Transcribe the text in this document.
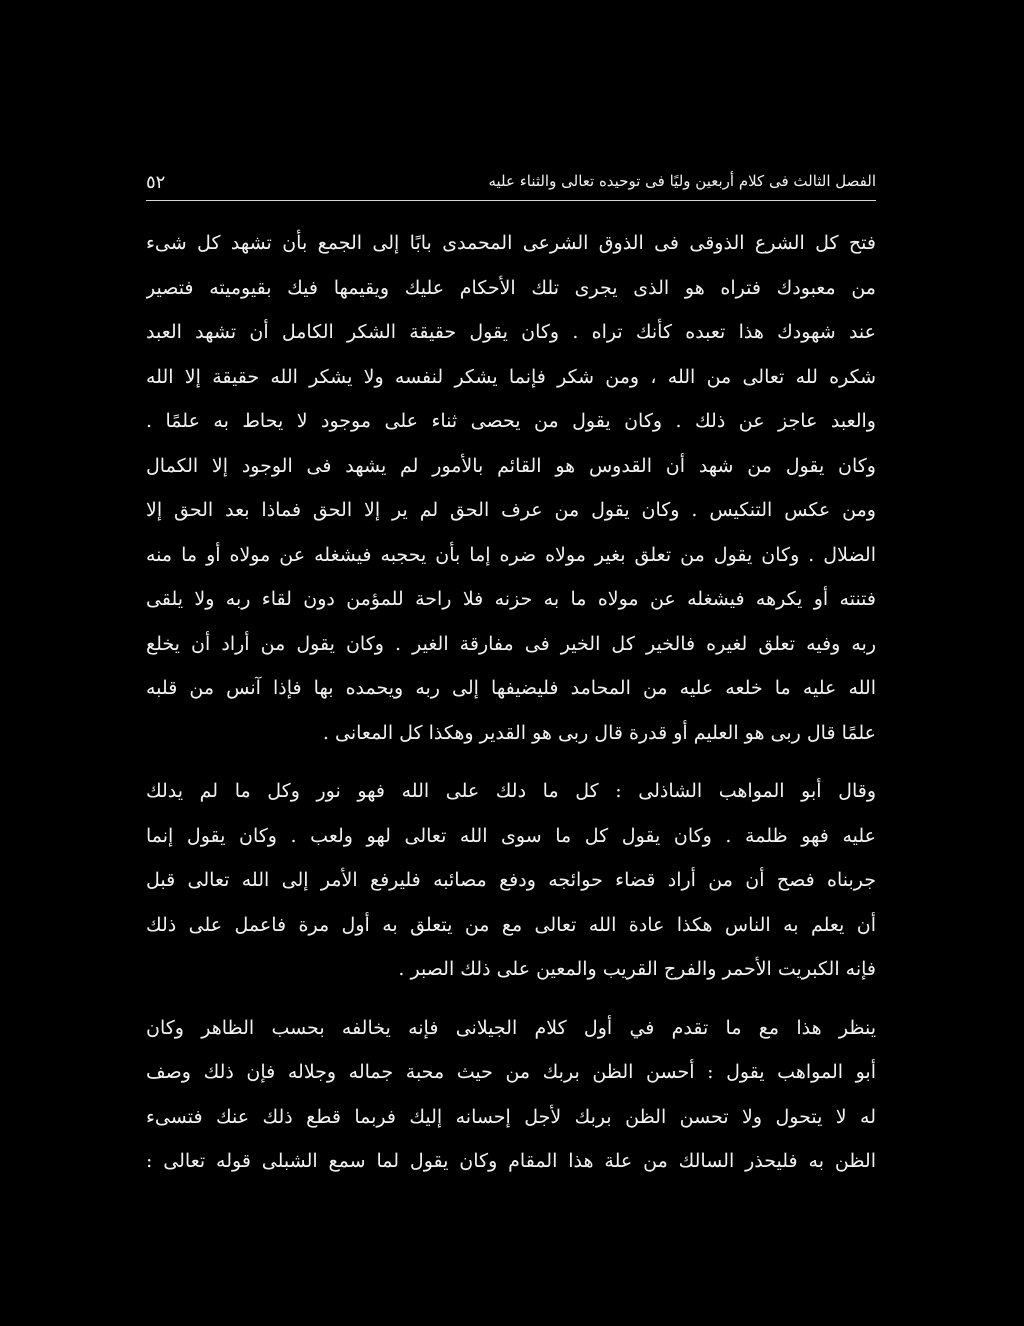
الفصل الثالث فى كلام أربعين وليًا فى توحيده تعالى والثناء عليه
٥٢
فتح كل الشرع الذوقى فى الذوق الشرعى المحمدى بابًا إلى الجمع بأن تشهد كل شىء
من معبودك فتراه هو الذى يجرى تلك الأحكام عليك ويقيمها فيك بقيوميته فتصير
عند شهودك هذا تعبده كأنك تراه . وكان يقول حقيقة الشكر الكامل أن تشهد العبد
شكره لله تعالى من الله ، ومن شكر فإنما يشكر لنفسه ولا يشكر الله حقيقة إلا الله
والعبد عاجز عن ذلك . وكان يقول من يحصى ثناء على موجود لا يحاط به علمًا .
وكان يقول من شهد أن القدوس هو القائم بالأمور لم يشهد فى الوجود إلا الكمال
ومن عكس التنكيس . وكان يقول من عرف الحق لم ير إلا الحق فماذا بعد الحق إلا
الضلال . وكان يقول من تعلق بغير مولاه ضره إما بأن يحجبه فيشغله عن مولاه أو ما منه
فتنته أو يكرهه فيشغله عن مولاه ما به حزنه فلا راحة للمؤمن دون لقاء ربه ولا يلقى
ربه وفيه تعلق لغيره فالخير كل الخير فى مفارقة الغير . وكان يقول من أراد أن يخلع
الله عليه ما خلعه عليه من المحامد فليضيفها إلى ربه ويحمده بها فإذا آنس من قلبه
علمًا قال ربى هو العليم أو قدرة قال ربى هو القدير وهكذا كل المعانى .
وقال أبو المواهب الشاذلى : كل ما دلك على الله فهو نور وكل ما لم يدلك
عليه فهو ظلمة . وكان يقول كل ما سوى الله تعالى لهو ولعب . وكان يقول إنما
جربناه فصح أن من أراد قضاء حوائجه ودفع مصائبه فليرفع الأمر إلى الله تعالى قبل
أن يعلم به الناس هكذا عادة الله تعالى مع من يتعلق به أول مرة فاعمل على ذلك
فإنه الكبريت الأحمر والفرج القريب والمعين على ذلك الصبر .
ينظر هذا مع ما تقدم في أول كلام الجيلانى فإنه يخالفه بحسب الظاهر وكان
أبو المواهب يقول : أحسن الظن بربك من حيث محبة جماله وجلاله فإن ذلك وصف
له لا يتحول ولا تحسن الظن بربك لأجل إحسانه إليك فربما قطع ذلك عنك فتسىء
الظن به فليحذر السالك من علة هذا المقام وكان يقول لما سمع الشبلى قوله تعالى :
